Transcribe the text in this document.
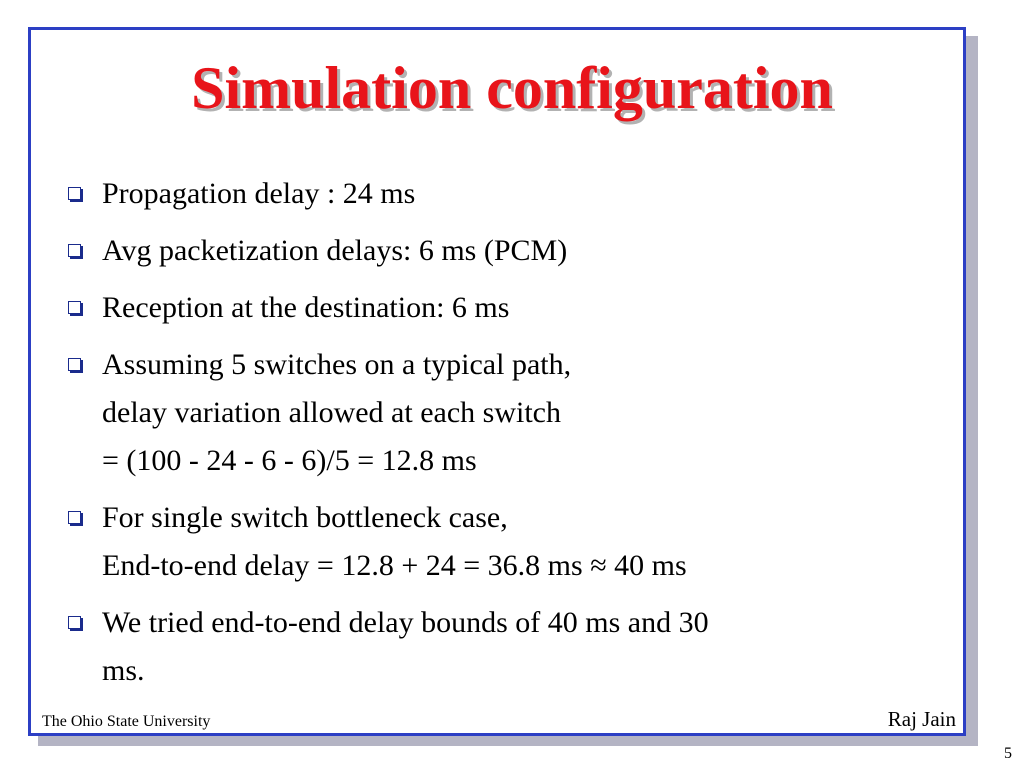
Simulation configuration
Propagation delay : 24 ms
Avg packetization delays: 6 ms (PCM)
Reception at the destination: 6 ms
Assuming 5 switches on a typical path,
delay variation allowed at each switch
= (100 - 24 - 6 - 6)/5 = 12.8 ms
For single switch bottleneck case,
End-to-end delay = 12.8 + 24 = 36.8 ms ≈ 40 ms
We tried end-to-end delay bounds of 40 ms and 30
ms.
The Ohio State University	Raj Jain
5
